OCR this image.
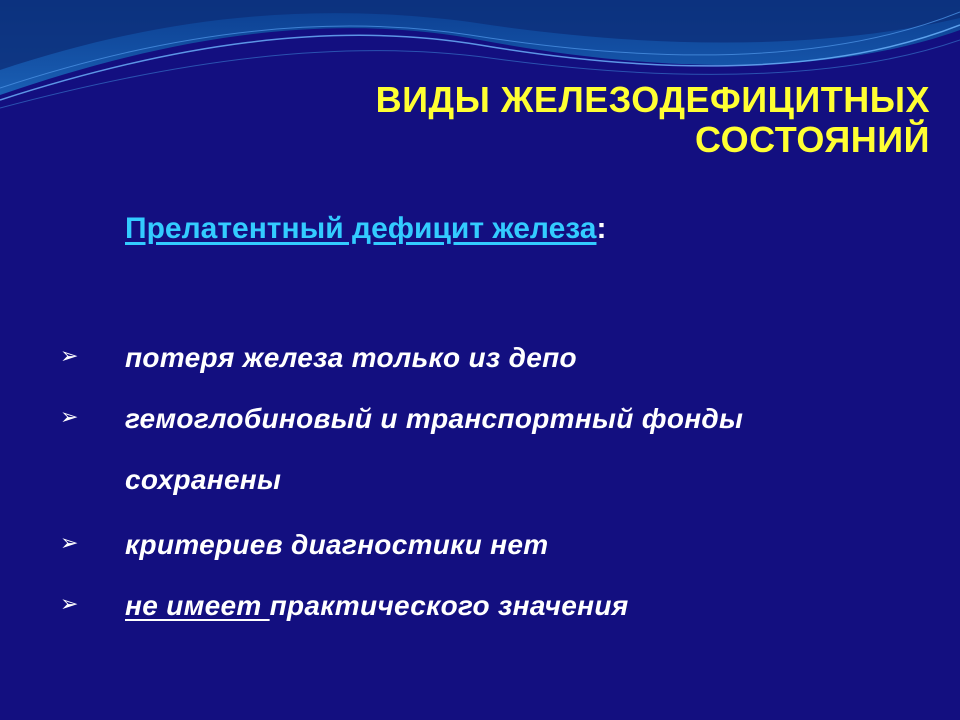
ВИДЫ ЖЕЛЕЗОДЕФИЦИТНЫХ
СОСТОЯНИЙ
Прелатентный дефицит железа:
➢ потеря железа только из депо
➢ гемоглобиновый и транспортный фонды
сохранены
➢ критериев диагностики нет
➢ не имеет практического значения
